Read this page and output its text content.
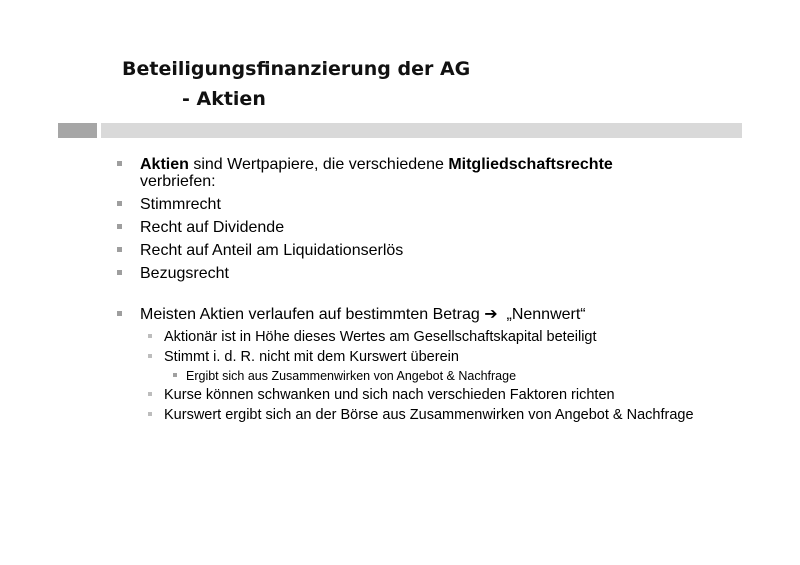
Beteiligungsfinanzierung der AG
- Aktien
Aktien sind Wertpapiere, die verschiedene Mitgliedschaftsrechte
verbriefen:
Stimmrecht
Recht auf Dividende
Recht auf Anteil am Liquidationserlös
Bezugsrecht
Meisten Aktien verlaufen auf bestimmten Betrag ➔  „Nennwert“
Aktionär ist in Höhe dieses Wertes am Gesellschaftskapital beteiligt
Stimmt i. d. R. nicht mit dem Kurswert überein
Ergibt sich aus Zusammenwirken von Angebot & Nachfrage
Kurse können schwanken und sich nach verschieden Faktoren richten
Kurswert ergibt sich an der Börse aus Zusammenwirken von Angebot & Nachfrage
